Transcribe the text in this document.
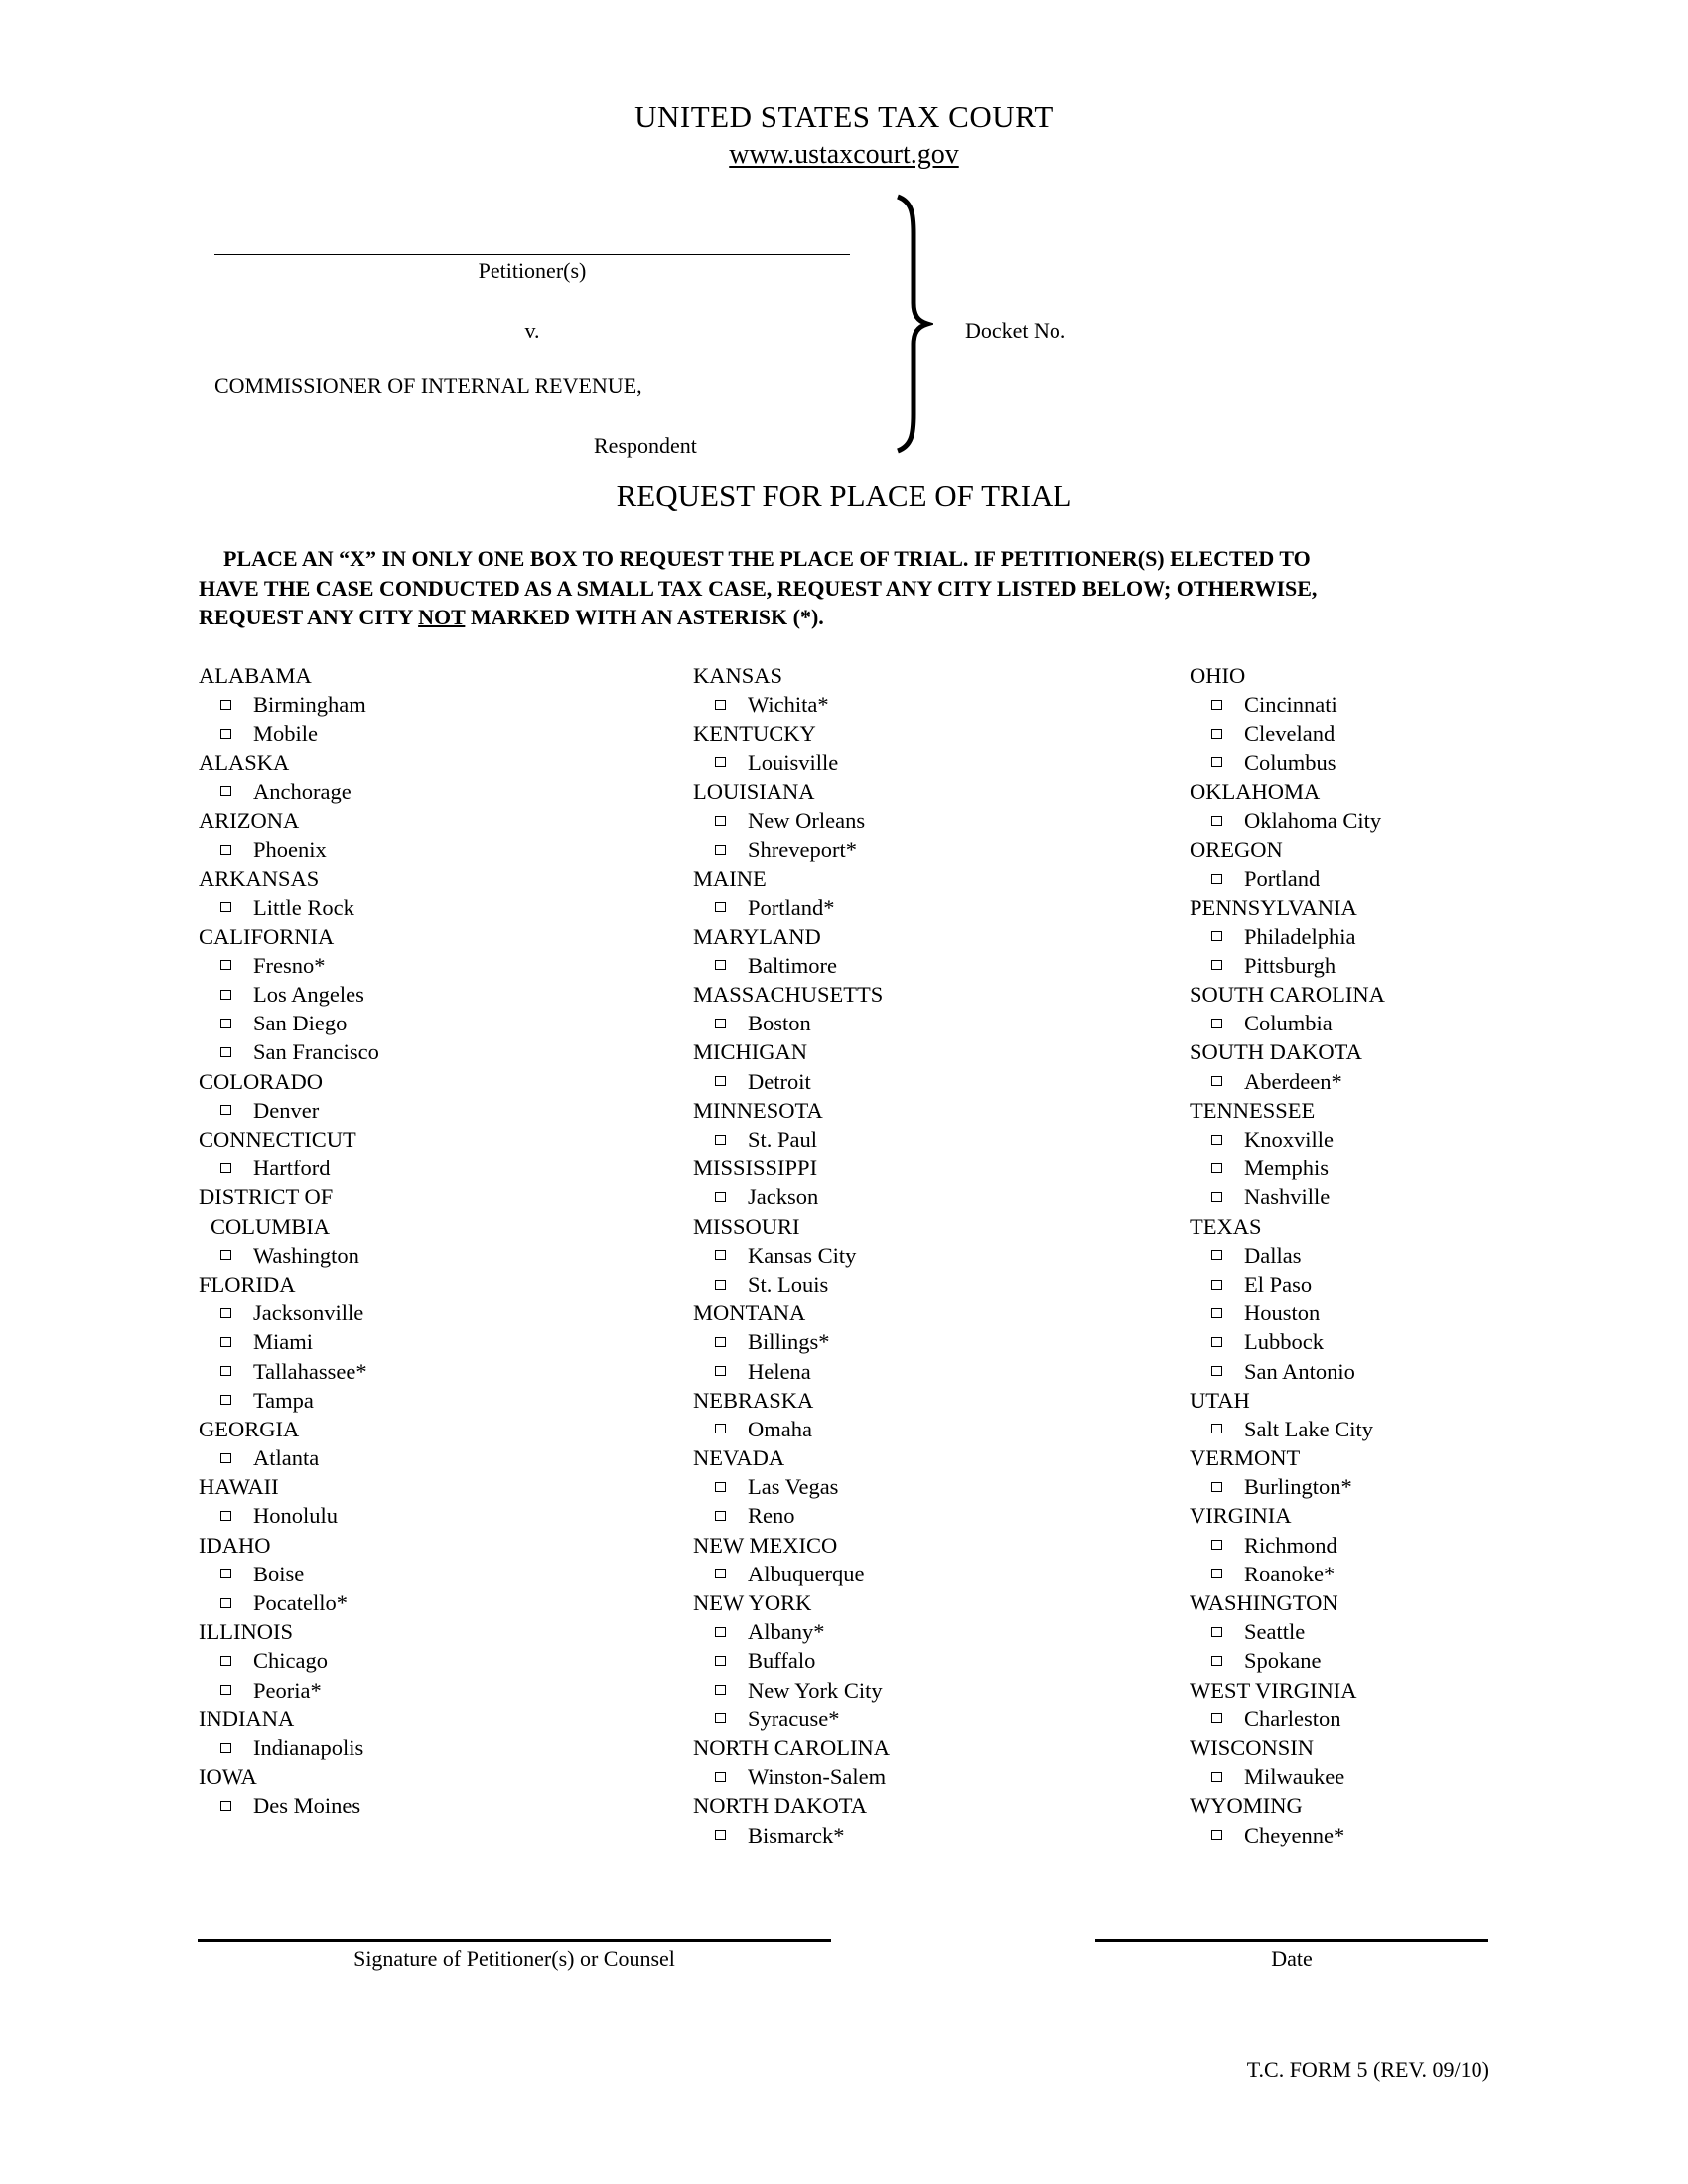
UNITED STATES TAX COURT
www.ustaxcourt.gov
Petitioner(s)
v.
COMMISSIONER OF INTERNAL REVENUE,
Respondent
Docket No.
REQUEST FOR PLACE OF TRIAL
PLACE AN “X” IN ONLY ONE BOX TO REQUEST THE PLACE OF TRIAL. IF PETITIONER(S) ELECTED TO
HAVE THE CASE CONDUCTED AS A SMALL TAX CASE, REQUEST ANY CITY LISTED BELOW; OTHERWISE,
REQUEST ANY CITY NOT MARKED WITH AN ASTERISK (*).
ALABAMA
Birmingham
Mobile
ALASKA
Anchorage
ARIZONA
Phoenix
ARKANSAS
Little Rock
CALIFORNIA
Fresno*
Los Angeles
San Diego
San Francisco
COLORADO
Denver
CONNECTICUT
Hartford
DISTRICT OF
COLUMBIA
Washington
FLORIDA
Jacksonville
Miami
Tallahassee*
Tampa
GEORGIA
Atlanta
HAWAII
Honolulu
IDAHO
Boise
Pocatello*
ILLINOIS
Chicago
Peoria*
INDIANA
Indianapolis
IOWA
Des Moines
KANSAS
Wichita*
KENTUCKY
Louisville
LOUISIANA
New Orleans
Shreveport*
MAINE
Portland*
MARYLAND
Baltimore
MASSACHUSETTS
Boston
MICHIGAN
Detroit
MINNESOTA
St. Paul
MISSISSIPPI
Jackson
MISSOURI
Kansas City
St. Louis
MONTANA
Billings*
Helena
NEBRASKA
Omaha
NEVADA
Las Vegas
Reno
NEW MEXICO
Albuquerque
NEW YORK
Albany*
Buffalo
New York City
Syracuse*
NORTH CAROLINA
Winston-Salem
NORTH DAKOTA
Bismarck*
OHIO
Cincinnati
Cleveland
Columbus
OKLAHOMA
Oklahoma City
OREGON
Portland
PENNSYLVANIA
Philadelphia
Pittsburgh
SOUTH CAROLINA
Columbia
SOUTH DAKOTA
Aberdeen*
TENNESSEE
Knoxville
Memphis
Nashville
TEXAS
Dallas
El Paso
Houston
Lubbock
San Antonio
UTAH
Salt Lake City
VERMONT
Burlington*
VIRGINIA
Richmond
Roanoke*
WASHINGTON
Seattle
Spokane
WEST VIRGINIA
Charleston
WISCONSIN
Milwaukee
WYOMING
Cheyenne*
Signature of Petitioner(s) or Counsel	Date
T.C. FORM 5 (REV. 09/10)
